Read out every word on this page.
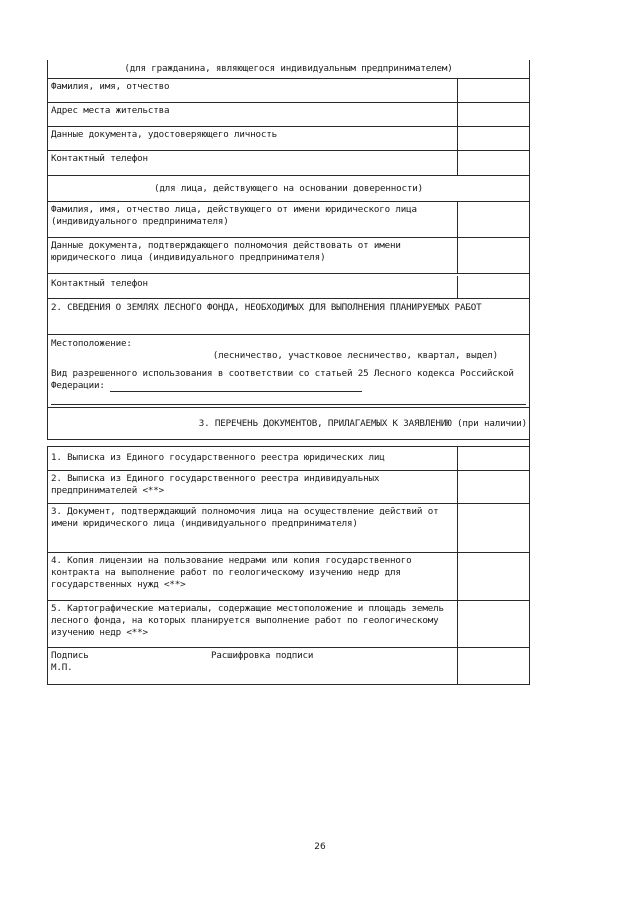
(для гражданина, являющегося индивидуальным предпринимателем)
Фамилия, имя, отчество
Адрес места жительства
Данные документа, удостоверяющего личность
Контактный телефон
(для лица, действующего на основании доверенности)
Фамилия, имя, отчество лица, действующего от имени юридического лица (индивидуального предпринимателя)
Данные документа, подтверждающего полномочия действовать от имени юридического лица (индивидуального предпринимателя)
Контактный телефон
2. СВЕДЕНИЯ О ЗЕМЛЯХ ЛЕСНОГО ФОНДА, НЕОБХОДИМЫХ ДЛЯ ВЫПОЛНЕНИЯ ПЛАНИРУЕМЫХ РАБОТ
Местоположение:
(лесничество, участковое лесничество, квартал, выдел)
Вид разрешенного использования в соответствии со статьей 25 Лесного кодекса Российской Федерации:
3. ПЕРЕЧЕНЬ ДОКУМЕНТОВ, ПРИЛАГАЕМЫХ К ЗАЯВЛЕНИЮ (при наличии)
1. Выписка из Единого государственного реестра юридических лиц
2. Выписка из Единого государственного реестра индивидуальных предпринимателей <**>
3. Документ, подтверждающий полномочия лица на осуществление действий от имени юридического лица (индивидуального предпринимателя)
4. Копия лицензии на пользование недрами или копия государственного контракта на выполнение работ по геологическому изучению недр для государственных нужд <**>
5. Картографические материалы, содержащие местоположение и площадь земель лесного фонда, на которых планируется выполнение работ по геологическому изучению недр <**>
Подпись	Расшифровка подписи
М.П.
26
